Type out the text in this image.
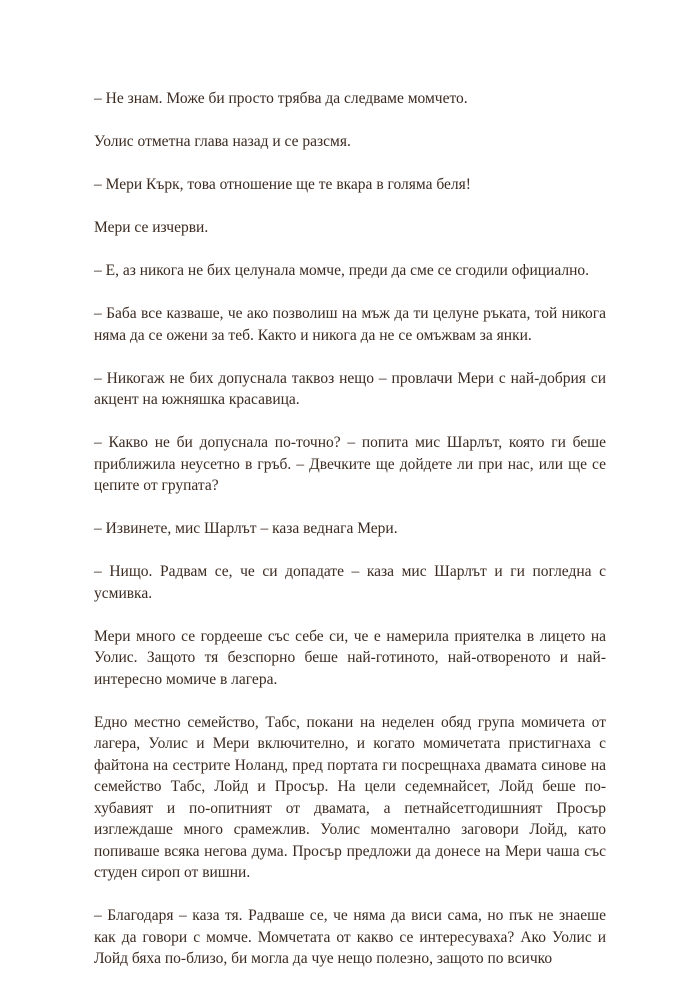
– Не знам. Може би просто трябва да следваме момчето.

Уолис отметна глава назад и се разсмя.

– Мери Кърк, това отношение ще те вкара в голяма беля!

Мери се изчерви.

– Е, аз никога не бих целунала момче, преди да сме се сгодили официално.

– Баба все казваше, че ако позволиш на мъж да ти целуне ръката, той никога няма да се ожени за теб. Както и никога да не се омъжвам за янки.

– Никогаж не бих допуснала таквоз нещо – провлачи Мери с най-добрия си акцент на южняшка красавица.

– Какво не би допуснала по-точно? – попита мис Шарлът, която ги беше приближила неусетно в гръб. – Двечките ще дойдете ли при нас, или ще се цепите от групата?

– Извинете, мис Шарлът – каза веднага Мери.

– Нищо. Радвам се, че си допадате – каза мис Шарлът и ги погледна с усмивка.

Мери много се гордееше със себе си, че е намерила приятелка в лицето на Уолис. Защото тя безспорно беше най-готиното, най-отвореното и най-интересно момиче в лагера.

Едно местно семейство, Табс, покани на неделен обяд група момичета от лагера, Уолис и Мери включително, и когато момичетата пристигнаха с файтона на сестрите Ноланд, пред портата ги посрещнаха двамата синове на семейство Табс, Лойд и Просър. На цели седемнайсет, Лойд беше по-хубавият и по-опитният от двамата, а петнайсетгодишният Просър изглеждаше много срамежлив. Уолис моментално заговори Лойд, като попиваше всяка негова дума. Просър предложи да донесе на Мери чаша със студен сироп от вишни.

– Благодаря – каза тя. Радваше се, че няма да виси сама, но пък не знаеше как да говори с момче. Момчетата от какво се интересуваха? Ако Уолис и Лойд бяха по-близо, би могла да чуе нещо полезно, защото по всичко
